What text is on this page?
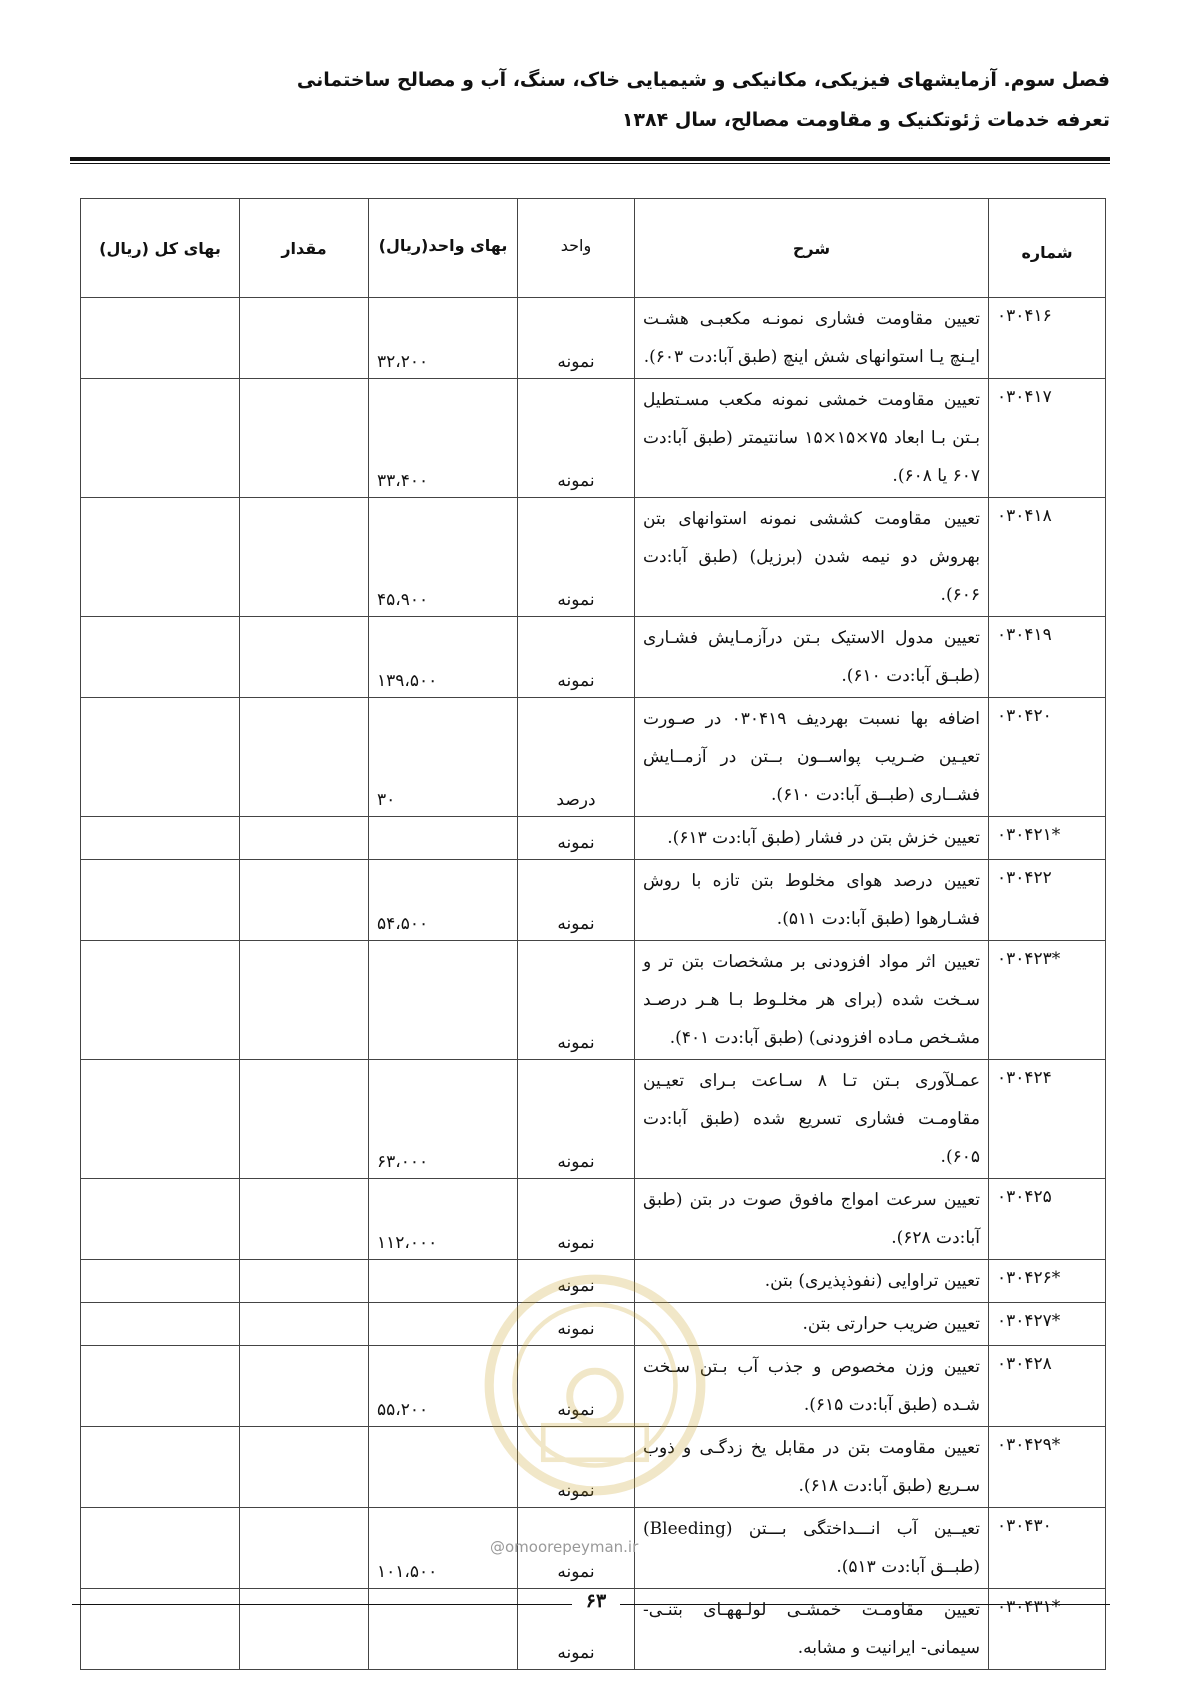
فصل سوم. آزمایشهای فیزیکی، مکانیکی و شیمیایی خاک، سنگ، آب و مصالح ساختمانی
تعرفه خدمات ژئوتکنیک و مقاومت مصالح، سال ۱۳۸۴
شماره	شرح	واحد	بهای واحد(ریال)	مقدار	بهای کل (ریال)
۰۳۰۴۱۶	تعیین مقاومت فشاری نمونـه مکعبـی هشـت ایـنچ یـا استوانهای شش اینچ (طبق آبا:دت ۶۰۳).	نمونه	۳۲،۲۰۰		
۰۳۰۴۱۷	تعیین مقاومت خمشی نمونه مکعب مسـتطیل بـتن بـا ابعاد ۷۵×۱۵×۱۵ سانتیمتر (طبق آبا:دت ۶۰۷ یا ۶۰۸).	نمونه	۳۳،۴۰۰		
۰۳۰۴۱۸	تعیین مقاومت کششی نمونه استوانهای بتن بهروش دو نیمه شدن (برزیل) (طبق آبا:دت ۶۰۶).	نمونه	۴۵،۹۰۰		
۰۳۰۴۱۹	تعیین مدول الاستیک بـتن درآزمـایش فشـاری (طبـق آبا:دت ۶۱۰).	نمونه	۱۳۹،۵۰۰		
۰۳۰۴۲۰	اضافه بها نسبت بهردیف ۰۳۰۴۱۹ در صـورت تعیـین ضـریب پواســون بــتن در آزمــایش فشــاری (طبــق آبا:دت ۶۱۰).	درصد	۳۰		
*۰۳۰۴۲۱	تعیین خزش بتن در فشار (طبق آبا:دت ۶۱۳).	نمونه			
۰۳۰۴۲۲	تعیین درصد هوای مخلوط بتن تازه با روش فشـارهوا (طبق آبا:دت ۵۱۱).	نمونه	۵۴،۵۰۰		
*۰۳۰۴۲۳	تعیین اثر مواد افزودنی بر مشخصات بتن تر و سـخت شده (برای هر مخلـوط بـا هـر درصـد مشـخص مـاده افزودنی) (طبق آبا:دت ۴۰۱).	نمونه			
۰۳۰۴۲۴	عمـلآوری بـتن تـا ۸ سـاعت بـرای تعیـین مقاومـت فشاری تسریع شده (طبق آبا:دت ۶۰۵).	نمونه	۶۳،۰۰۰		
۰۳۰۴۲۵	تعیین سرعت امواج مافوق صوت در بتن (طبق آبا:دت ۶۲۸).	نمونه	۱۱۲،۰۰۰		
*۰۳۰۴۲۶	تعیین تراوایی (نفوذپذیری) بتن.	نمونه			
*۰۳۰۴۲۷	تعیین ضریب حرارتی بتن.	نمونه			
۰۳۰۴۲۸	تعیین وزن مخصوص و جذب آب بـتن سـخت شـده (طبق آبا:دت ۶۱۵).	نمونه	۵۵،۲۰۰		
*۰۳۰۴۲۹	تعیین مقاومت بتن در مقابل یخ زدگـی و ذوب سـریع (طبق آبا:دت ۶۱۸).	نمونه			
۰۳۰۴۳۰	تعیــین آب انـــداختگی بـــتن (Bleeding) (طبــق آبا:دت ۵۱۳).	نمونه	۱۰۱،۵۰۰		
*۰۳۰۴۳۱	تعیین مقاومـت خمشـی لولـههـای بتنـی- سیمانی- ایرانیت و مشابه.	نمونه			
@omoorepeyman.ir
۶۳
